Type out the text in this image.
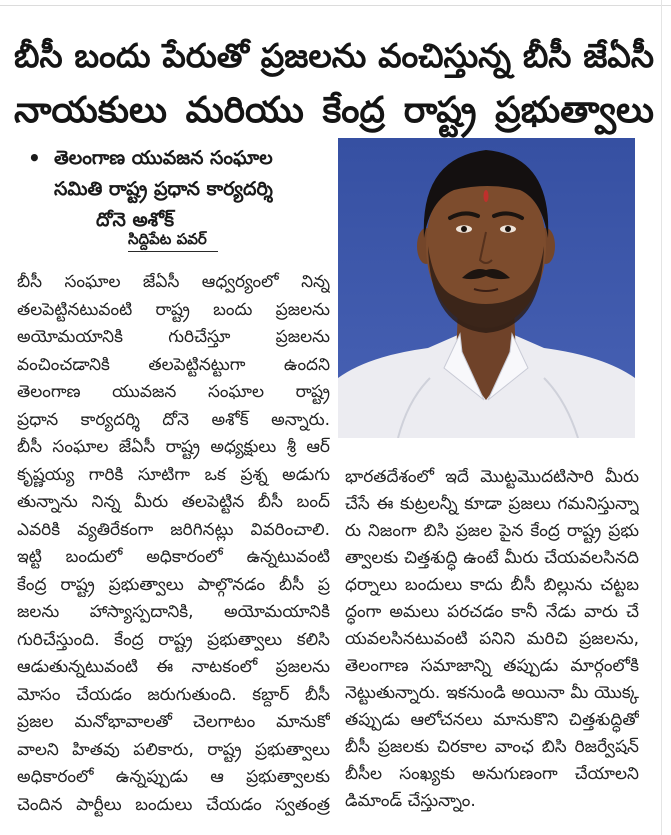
బీసీ బందు పేరుతో ప్రజలను వంచిస్తున్న బీసీ జేఏసీ
నాయకులు మరియు కేంద్ర రాష్ట్ర ప్రభుత్వాలు
• తెలంగాణ యువజన సంఘాల
సమితి రాష్ట్ర ప్రధాన కార్యదర్శి
దోనె అశోక్
సిద్దిపేట పవర్
బీసీ సంఘాల జేఏసీ ఆధ్వర్యంలో నిన్న
తలపెట్టినటువంటి రాష్ట్ర బందు ప్రజలను
అయోమయానికి గురిచేస్తూ ప్రజలను
వంచించడానికి తలపెట్టినట్టుగా ఉందని
తెలంగాణ యువజన సంఘాల రాష్ట్ర
ప్రధాన కార్యదర్శి దోనె అశోక్ అన్నారు.
బీసీ సంఘాల జేఏసీ రాష్ట్ర అధ్యక్షులు శ్రీ ఆర్
కృష్ణయ్య గారికి సూటిగా ఒక ప్రశ్న అడుగు
తున్నాను నిన్న మీరు తలపెట్టిన బీసీ బంద్
ఎవరికి వ్యతిరేకంగా జరిగినట్లు వివరించాలి.
ఇట్టి బందులో అధికారంలో ఉన్నటువంటి
కేంద్ర రాష్ట్ర ప్రభుత్వాలు పాల్గొనడం బీసీ ప్ర
జలను హాస్యాస్పదానికి, అయోమయానికి
గురిచేస్తుంది. కేంద్ర రాష్ట్ర ప్రభుత్వాలు కలిసి
ఆడుతున్నటువంటి ఈ నాటకంలో ప్రజలను
మోసం చేయడం జరుగుతుంది. కబ్దార్ బీసీ
ప్రజల మనోభావాలతో చెలగాటం మానుకో
వాలని హితవు పలికారు, రాష్ట్ర ప్రభుత్వాలు
అధికారంలో ఉన్నప్పుడు ఆ ప్రభుత్వాలకు
చెందిన పార్టీలు బందులు చేయడం స్వతంత్ర
భారతదేశంలో ఇదే మొట్టమొదటిసారి మీరు
చేసే ఈ కుట్రలన్నీ కూడా ప్రజలు గమనిస్తున్నా
రు నిజంగా బిసి ప్రజల పైన కేంద్ర రాష్ట్ర ప్రభు
త్వాలకు చిత్తశుద్ధి ఉంటే మీరు చేయవలసినది
ధర్నాలు బందులు కాదు బీసీ బిల్లును చట్టబ
ద్ధంగా అమలు పరచడం కానీ నేడు వారు చే
యవలసినటువంటి పనిని మరిచి ప్రజలను,
తెలంగాణ సమాజాన్ని తప్పుడు మార్గంలోకి
నెట్టుతున్నారు. ఇకనుండి అయినా మీ యొక్క
తప్పుడు ఆలోచనలు మానుకొని చిత్తశుద్ధితో
బీసీ ప్రజలకు చిరకాల వాంఛ బిసి రిజర్వేషన్
బీసీల సంఖ్యకు అనుగుణంగా చేయాలని
డిమాండ్ చేస్తున్నాం.
